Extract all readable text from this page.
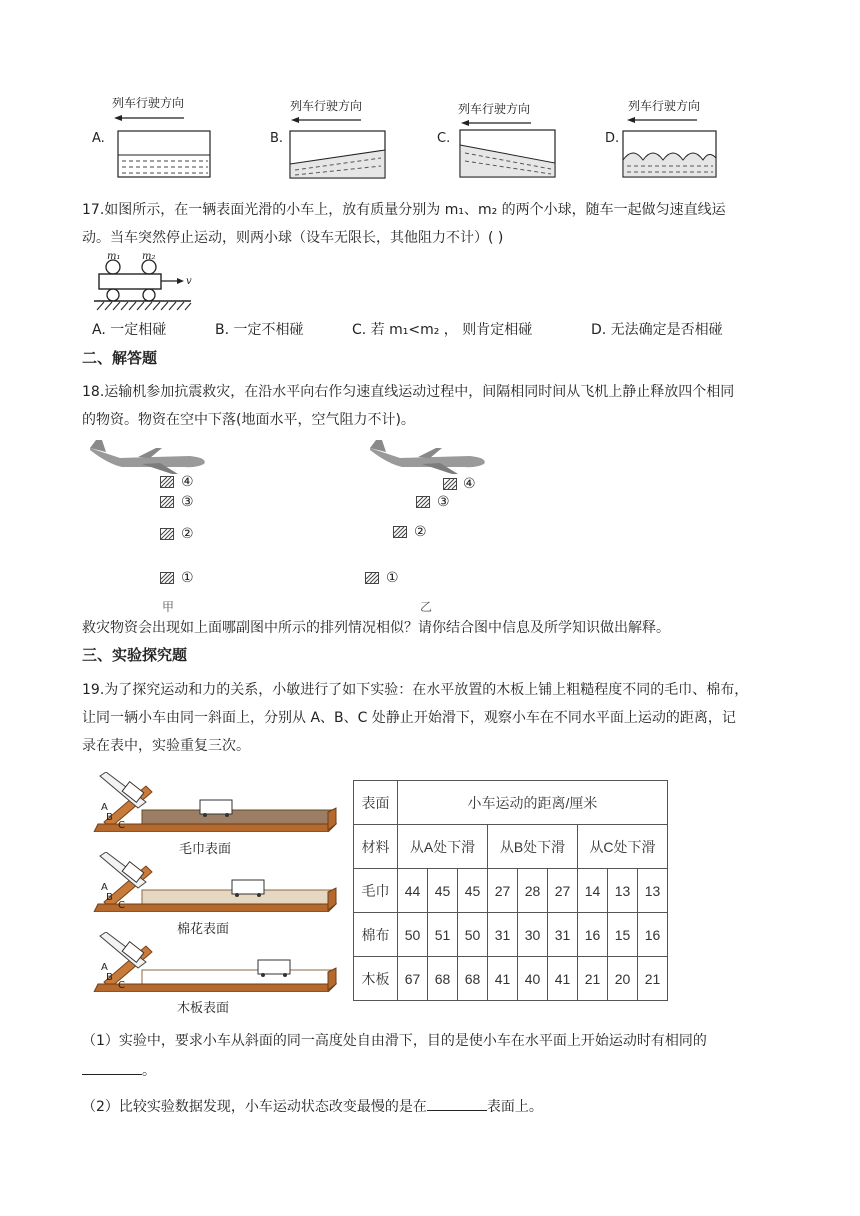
A.
列车行驶方向
B.
列车行驶方向
C.
列车行驶方向
D.
列车行驶方向
17.如图所示，在一辆表面光滑的小车上，放有质量分别为 m₁、m₂ 的两个小球，随车一起做匀速直线运
动。当车突然停止运动，则两小球（设车无限长，其他阻力不计）( )
m₁ m₂
v
A. 一定相碰	B. 一定不相碰	C. 若 m₁<m₂ ， 则肯定相碰	D. 无法确定是否相碰
二、解答题
18.运输机参加抗震救灾，在沿水平向右作匀速直线运动过程中，间隔相同时间从飞机上静止释放四个相同
的物资。物资在空中下落(地面水平，空气阻力不计)。
④
③
②
①
甲
④
③
②
①
乙
救灾物资会出现如上面哪副图中所示的排列情况相似？请你结合图中信息及所学知识做出解释。
三、实验探究题
19.为了探究运动和力的关系，小敏进行了如下实验：在水平放置的木板上铺上粗糙程度不同的毛巾、棉布，
让同一辆小车由同一斜面上，分别从 A、B、C 处静止开始滑下，观察小车在不同水平面上运动的距离，记
录在表中，实验重复三次。
A
B
C
毛巾表面
A
B
C
棉花表面
A
B
C
木板表面
表面	小车运动的距离/厘米								
材料	从A处下滑			从B处下滑			从C处下滑		
毛巾	44	45	45	27	28	27	14	13	13
棉布	50	51	50	31	30	31	16	15	16
木板	67	68	68	41	40	41	21	20	21
（1）实验中，要求小车从斜面的同一高度处自由滑下，目的是使小车在水平面上开始运动时有相同的
。
（2）比较实验数据发现，小车运动状态改变最慢的是在	表面上。
